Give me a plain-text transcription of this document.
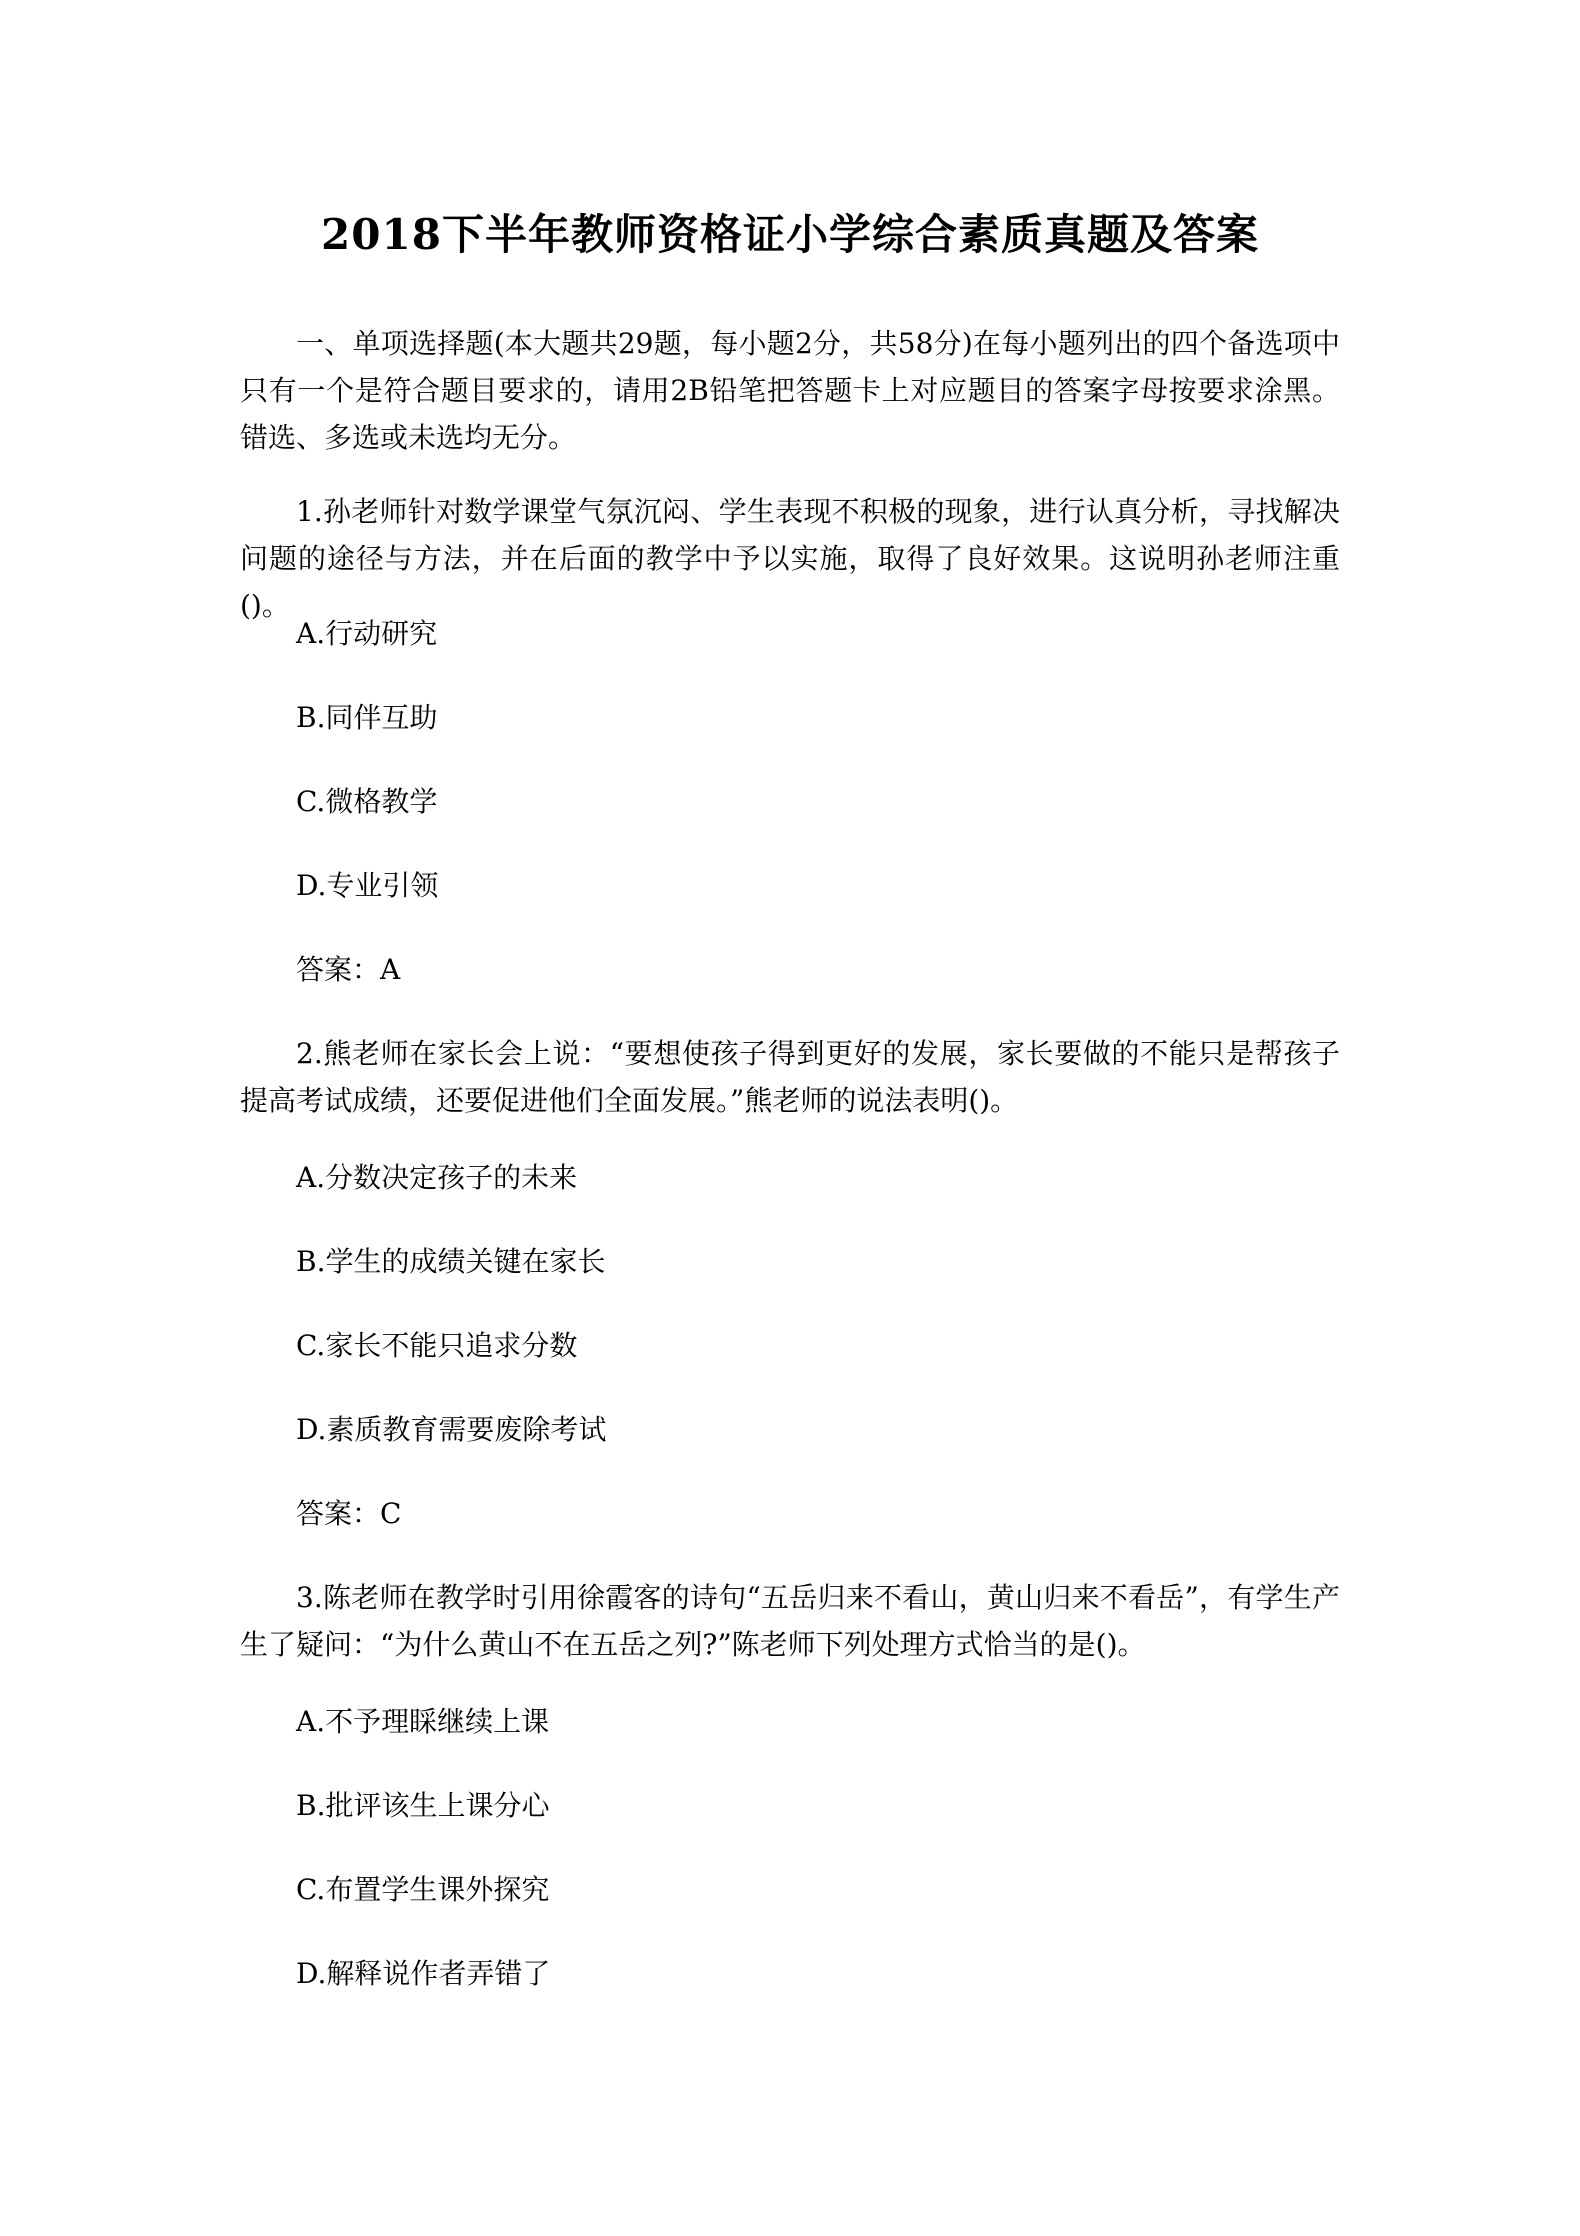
2018下半年教师资格证小学综合素质真题及答案

一、单项选择题(本大题共29题，每小题2分，共58分)在每小题列出的四个备选项中只有一个是符合题目要求的，请用2B铅笔把答题卡上对应题目的答案字母按要求涂黑。错选、多选或未选均无分。

1.孙老师针对数学课堂气氛沉闷、学生表现不积极的现象，进行认真分析，寻找解决问题的途径与方法，并在后面的教学中予以实施，取得了良好效果。这说明孙老师注重()。

A.行动研究

B.同伴互助

C.微格教学

D.专业引领

答案：A

2.熊老师在家长会上说：“要想使孩子得到更好的发展，家长要做的不能只是帮孩子提高考试成绩，还要促进他们全面发展。”熊老师的说法表明()。

A.分数决定孩子的未来

B.学生的成绩关键在家长

C.家长不能只追求分数

D.素质教育需要废除考试

答案：C

3.陈老师在教学时引用徐霞客的诗句“五岳归来不看山，黄山归来不看岳”，有学生产生了疑问：“为什么黄山不在五岳之列?”陈老师下列处理方式恰当的是()。

A.不予理睬继续上课

B.批评该生上课分心

C.布置学生课外探究

D.解释说作者弄错了
